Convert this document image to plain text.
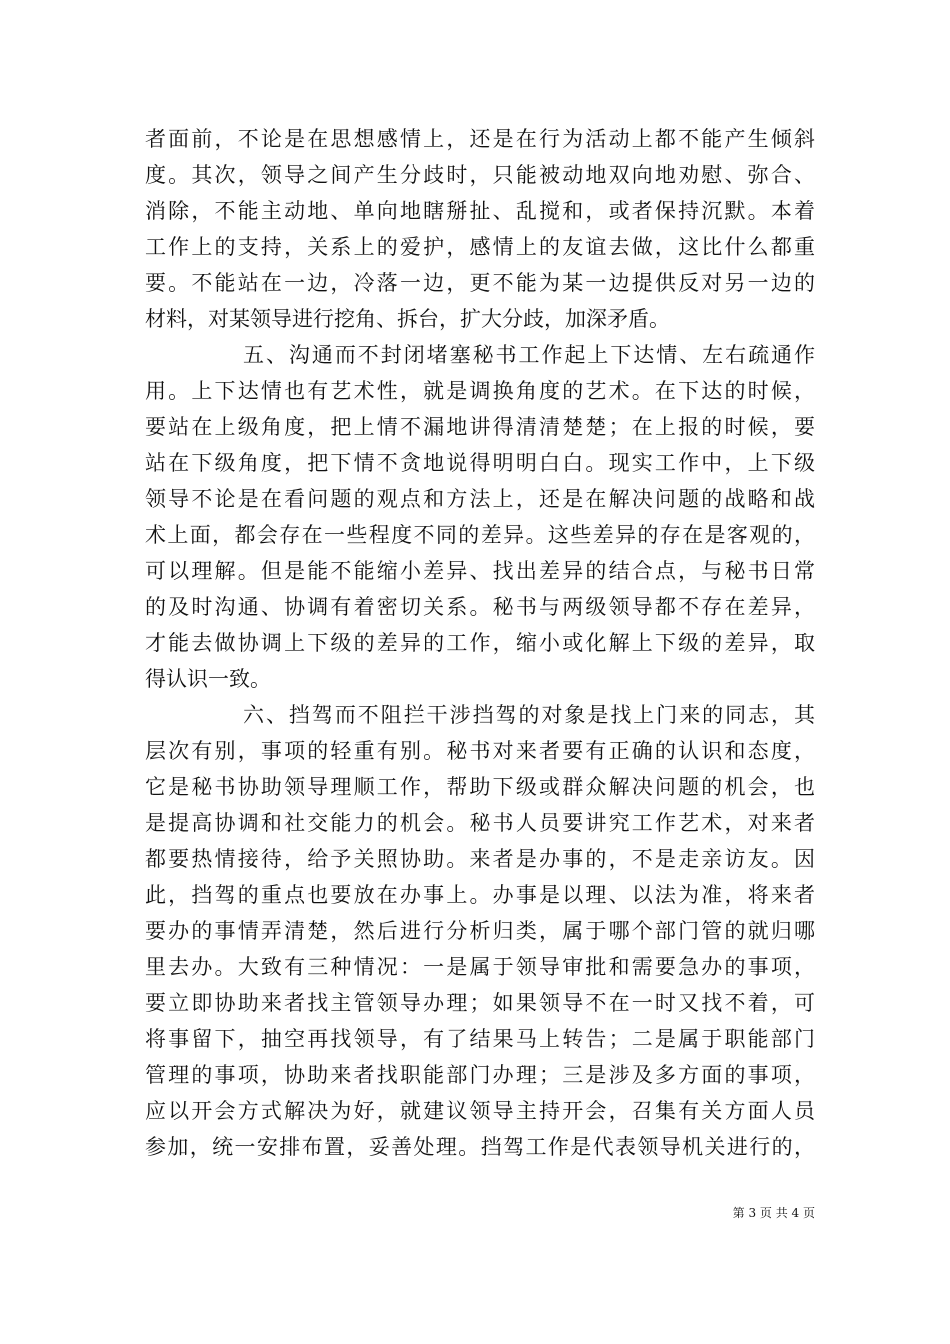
者面前，不论是在思想感情上，还是在行为活动上都不能产生倾斜
度。其次，领导之间产生分歧时，只能被动地双向地劝慰、弥合、
消除，不能主动地、单向地瞎掰扯、乱搅和，或者保持沉默。本着
工作上的支持，关系上的爱护，感情上的友谊去做，这比什么都重
要。不能站在一边，冷落一边，更不能为某一边提供反对另一边的
材料，对某领导进行挖角、拆台，扩大分歧，加深矛盾。
五、沟通而不封闭堵塞秘书工作起上下达情、左右疏通作
用。上下达情也有艺术性，就是调换角度的艺术。在下达的时候，
要站在上级角度，把上情不漏地讲得清清楚楚；在上报的时候，要
站在下级角度，把下情不贪地说得明明白白。现实工作中，上下级
领导不论是在看问题的观点和方法上，还是在解决问题的战略和战
术上面，都会存在一些程度不同的差异。这些差异的存在是客观的，
可以理解。但是能不能缩小差异、找出差异的结合点，与秘书日常
的及时沟通、协调有着密切关系。秘书与两级领导都不存在差异，
才能去做协调上下级的差异的工作，缩小或化解上下级的差异，取
得认识一致。
六、挡驾而不阻拦干涉挡驾的对象是找上门来的同志，其
层次有别，事项的轻重有别。秘书对来者要有正确的认识和态度，
它是秘书协助领导理顺工作，帮助下级或群众解决问题的机会，也
是提高协调和社交能力的机会。秘书人员要讲究工作艺术，对来者
都要热情接待，给予关照协助。来者是办事的，不是走亲访友。因
此，挡驾的重点也要放在办事上。办事是以理、以法为准，将来者
要办的事情弄清楚，然后进行分析归类，属于哪个部门管的就归哪
里去办。大致有三种情况：一是属于领导审批和需要急办的事项，
要立即协助来者找主管领导办理；如果领导不在一时又找不着，可
将事留下，抽空再找领导，有了结果马上转告；二是属于职能部门
管理的事项，协助来者找职能部门办理；三是涉及多方面的事项，
应以开会方式解决为好，就建议领导主持开会，召集有关方面人员
参加，统一安排布置，妥善处理。挡驾工作是代表领导机关进行的，
第 3 页 共 4 页
